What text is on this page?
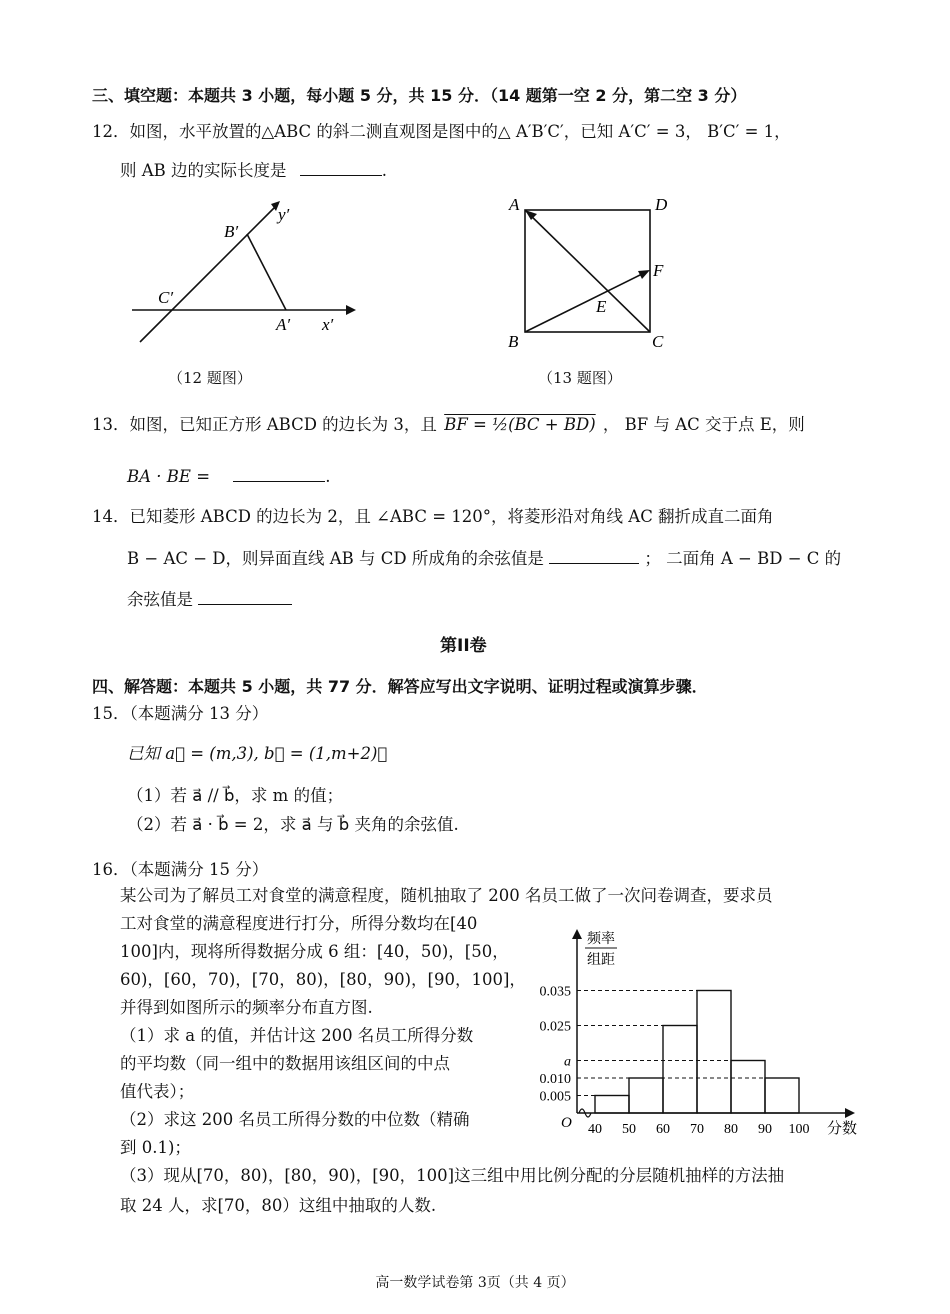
三、填空题：本题共 3 小题，每小题 5 分，共 15 分．（14 题第一空 2 分，第二空 3 分）
12．如图，水平放置的△ABC 的斜二测直观图是图中的△ A′B′C′，已知 A′C′ = 3， B′C′ = 1，
则 AB 边的实际长度是	.
B′
C′
A′ x′
y′
（12 题图）
A	D
B	C
F
E
（13 题图）
13．如图，已知正方形 ABCD 的边长为 3，且 BF = ½(BC + BD) ， BF 与 AC 交于点 E，则
BA · BE =	.
14．已知菱形 ABCD 的边长为 2，且 ∠ABC = 120°，将菱形沿对角线 AC 翻折成直二面角
B − AC − D，则异面直线 AB 与 CD 所成角的余弦值是	； 二面角 A − BD − C 的
余弦值是
第II卷
四、解答题：本题共 5 小题，共 77 分．解答应写出文字说明、证明过程或演算步骤．
15．（本题满分 13 分）
已知 a⃗ = (m,3), b⃗ = (1,m+2)．
（1）若 a⃗ // b⃗，求 m 的值；
（2）若 a⃗ · b⃗ = 2，求 a⃗ 与 b⃗ 夹角的余弦值.
16．（本题满分 15 分）
某公司为了解员工对食堂的满意程度，随机抽取了 200 名员工做了一次问卷调查，要求员
工对食堂的满意程度进行打分，所得分数均在[40
100]内，现将所得数据分成 6 组：[40，50)，[50，
60)，[60，70)，[70，80)，[80，90)，[90，100]，
并得到如图所示的频率分布直方图.
（1）求 a 的值，并估计这 200 名员工所得分数
的平均数（同一组中的数据用该组区间的中点
值代表）；
（2）求这 200 名员工所得分数的中位数（精确
到 0.1)；
（3）现从[70，80)，[80，90)，[90，100]这三组中用比例分配的分层随机抽样的方法抽
取 24 人，求[70，80）这组中抽取的人数.
0.035
0.025
a
0.010
0.005
40 50 60 70 80 90 100 分数
O
频率
组距
高一数学试卷第 3页（共 4 页）
